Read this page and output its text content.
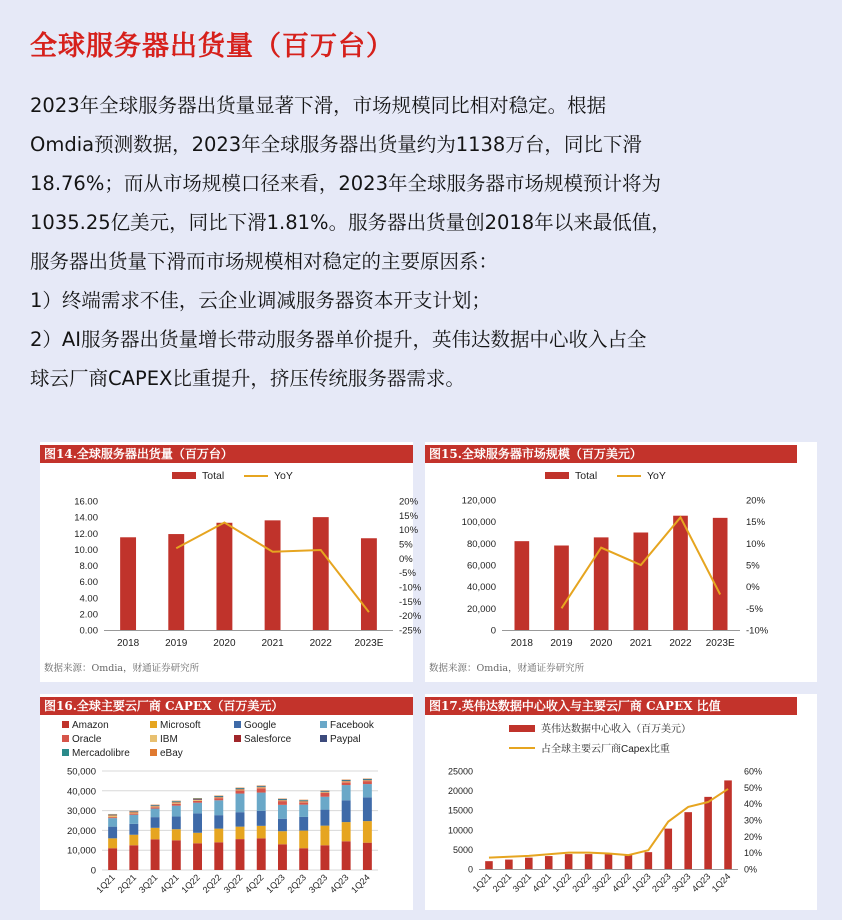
全球服务器出货量（百万台）
2023年全球服务器出货量显著下滑，市场规模同比相对稳定。根据
Omdia预测数据，2023年全球服务器出货量约为1138万台，同比下滑
18.76%；而从市场规模口径来看，2023年全球服务器市场规模预计将为
1035.25亿美元，同比下滑1.81%。服务器出货量创2018年以来最低值，
服务器出货量下滑而市场规模相对稳定的主要原因系：
1）终端需求不佳，云企业调减服务器资本开支计划；
2）AI服务器出货量增长带动服务器单价提升，英伟达数据中心收入占全
球云厂商CAPEX比重提升，挤压传统服务器需求。
图14.全球服务器出货量（百万台）
Total	YoY
16.00
14.00
12.00
10.00
8.00
6.00
4.00
2.00
0.00
20%
15%
10%
5%
0%
-5%
-10%
-15%
-20%
-25%
2018	2019	2020	2021	2022 2023E
数据来源：Omdia，财通证券研究所
图15.全球服务器市场规模（百万美元）
Total	YoY
120,000
100,000
80,000
60,000
40,000
20,000
0
20%
15%
10%
5%
0%
-5%
-10%
2018 2019 2020 2021 2022 2023E
数据来源：Omdia，财通证券研究所
图16.全球主要云厂商 CAPEX（百万美元）
Amazon	Microsoft	Google	Facebook
Oracle	IBM	Salesforce	Paypal
Mercadolibre	eBay
50,000
40,000
30,000
20,000
10,000
0
1Q21
2Q21
3Q21
4Q21
1Q22
2Q22
3Q22
4Q22
1Q23
2Q23
3Q23
4Q23
1Q24
图17.英伟达数据中心收入与主要云厂商 CAPEX 比值
英伟达数据中心收入（百万美元）
占全球主要云厂商Capex比重
25000
20000
15000
10000
5000
0
60%
50%
40%
30%
20%
10%
0%
1Q21
2Q21
3Q21
4Q21
1Q22
2Q22
3Q22
4Q22
1Q23
2Q23
3Q23
4Q23
1Q24
